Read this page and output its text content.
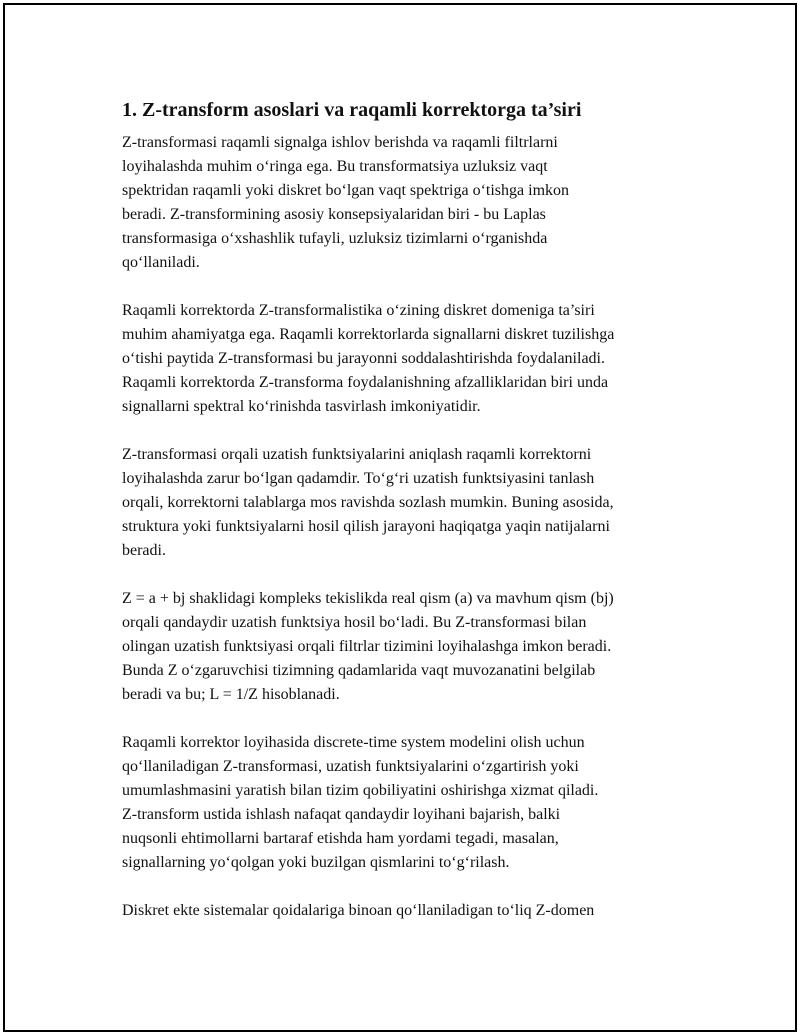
1. Z-transform asoslari va raqamli korrektorga ta’siri
Z-transformasi raqamli signalga ishlov berishda va raqamli filtrlarni
loyihalashda muhim o‘ringa ega. Bu transformatsiya uzluksiz vaqt
spektridan raqamli yoki diskret bo‘lgan vaqt spektriga o‘tishga imkon
beradi. Z-transformining asosiy konsepsiyalaridan biri - bu Laplas
transformasiga o‘xshashlik tufayli, uzluksiz tizimlarni o‘rganishda
qo‘llaniladi.
Raqamli korrektorda Z-transformalistika o‘zining diskret domeniga ta’siri
muhim ahamiyatga ega. Raqamli korrektorlarda signallarni diskret tuzilishga
o‘tishi paytida Z-transformasi bu jarayonni soddalashtirishda foydalaniladi.
Raqamli korrektorda Z-transforma foydalanishning afzalliklaridan biri unda
signallarni spektral ko‘rinishda tasvirlash imkoniyatidir.
Z-transformasi orqali uzatish funktsiyalarini aniqlash raqamli korrektorni
loyihalashda zarur bo‘lgan qadamdir. To‘g‘ri uzatish funktsiyasini tanlash
orqali, korrektorni talablarga mos ravishda sozlash mumkin. Buning asosida,
struktura yoki funktsiyalarni hosil qilish jarayoni haqiqatga yaqin natijalarni
beradi.
Z = a + bj shaklidagi kompleks tekislikda real qism (a) va mavhum qism (bj)
orqali qandaydir uzatish funktsiya hosil bo‘ladi. Bu Z-transformasi bilan
olingan uzatish funktsiyasi orqali filtrlar tizimini loyihalashga imkon beradi.
Bunda Z o‘zgaruvchisi tizimning qadamlarida vaqt muvozanatini belgilab
beradi va bu; L = 1/Z hisoblanadi.
Raqamli korrektor loyihasida discrete-time system modelini olish uchun
qo‘llaniladigan Z-transformasi, uzatish funktsiyalarini o‘zgartirish yoki
umumlashmasini yaratish bilan tizim qobiliyatini oshirishga xizmat qiladi.
Z-transform ustida ishlash nafaqat qandaydir loyihani bajarish, balki
nuqsonli ehtimollarni bartaraf etishda ham yordami tegadi, masalan,
signallarning yo‘qolgan yoki buzilgan qismlarini to‘g‘rilash.
Diskret ekte sistemalar qoidalariga binoan qo‘llaniladigan to‘liq Z-domen
